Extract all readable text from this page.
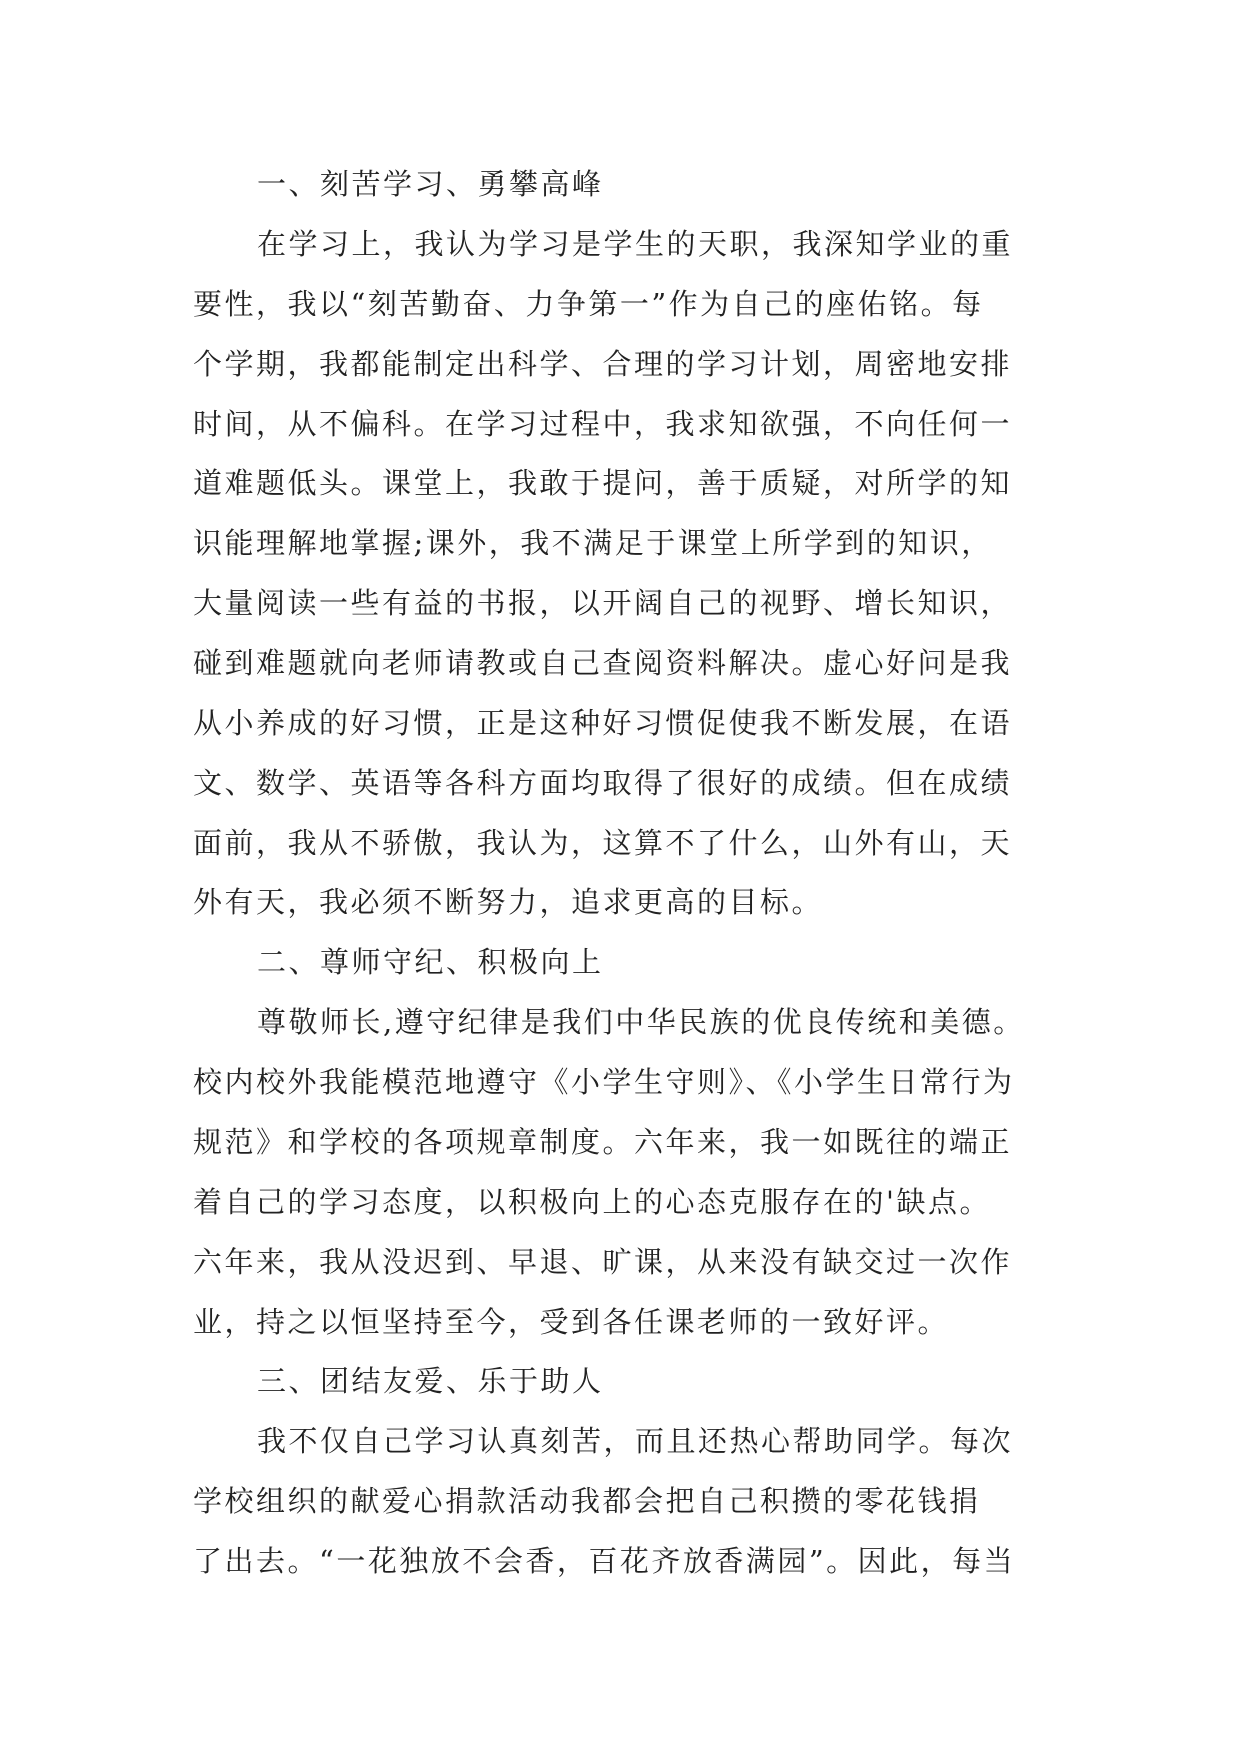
一、刻苦学习、勇攀高峰
在学习上，我认为学习是学生的天职，我深知学业的重
要性，我以“刻苦勤奋、力争第一”作为自己的座佑铭。每
个学期，我都能制定出科学、合理的学习计划，周密地安排
时间，从不偏科。在学习过程中，我求知欲强，不向任何一
道难题低头。课堂上，我敢于提问，善于质疑，对所学的知
识能理解地掌握;课外，我不满足于课堂上所学到的知识，
大量阅读一些有益的书报，以开阔自己的视野、增长知识，
碰到难题就向老师请教或自己查阅资料解决。虚心好问是我
从小养成的好习惯，正是这种好习惯促使我不断发展，在语
文、数学、英语等各科方面均取得了很好的成绩。但在成绩
面前，我从不骄傲，我认为，这算不了什么，山外有山，天
外有天，我必须不断努力，追求更高的目标。
二、尊师守纪、积极向上
尊敬师长,遵守纪律是我们中华民族的优良传统和美德。
校内校外我能模范地遵守《小学生守则》、《小学生日常行为
规范》和学校的各项规章制度。六年来，我一如既往的端正
着自己的学习态度，以积极向上的心态克服存在的'缺点。
六年来，我从没迟到、早退、旷课，从来没有缺交过一次作
业，持之以恒坚持至今，受到各任课老师的一致好评。
三、团结友爱、乐于助人
我不仅自己学习认真刻苦，而且还热心帮助同学。每次
学校组织的献爱心捐款活动我都会把自己积攒的零花钱捐
了出去。“一花独放不会香，百花齐放香满园”。因此，每当
